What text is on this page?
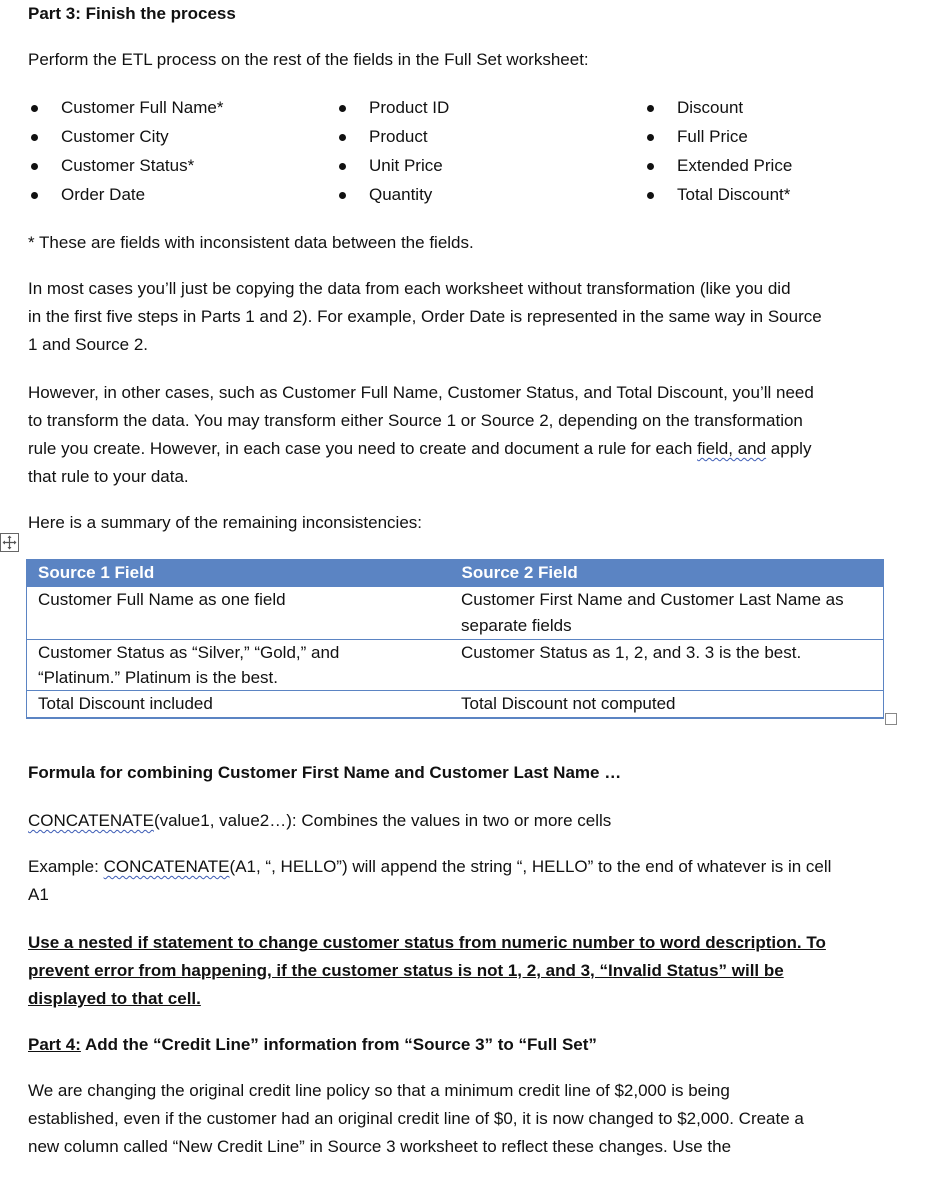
Part 3: Finish the process
Perform the ETL process on the rest of the fields in the Full Set worksheet:
Customer Full Name*
Customer City
Customer Status*
Order Date
Product ID
Product
Unit Price
Quantity
Discount
Full Price
Extended Price
Total Discount*
* These are fields with inconsistent data between the fields.
In most cases you’ll just be copying the data from each worksheet without transformation (like you did
in the first five steps in Parts 1 and 2). For example, Order Date is represented in the same way in Source
1 and Source 2.
However, in other cases, such as Customer Full Name, Customer Status, and Total Discount, you’ll need
to transform the data. You may transform either Source 1 or Source 2, depending on the transformation
rule you create. However, in each case you need to create and document a rule for each field, and apply
that rule to your data.
Here is a summary of the remaining inconsistencies:
Formula for combining Customer First Name and Customer Last Name …
CONCATENATE(value1, value2…): Combines the values in two or more cells
Example: CONCATENATE(A1, “, HELLO”) will append the string “, HELLO” to the end of whatever is in cell
A1
Use a nested if statement to change customer status from numeric number to word description. To
prevent error from happening, if the customer status is not 1, 2, and 3, “Invalid Status” will be
displayed to that cell.
Part 4: Add the “Credit Line” information from “Source 3” to “Full Set”
We are changing the original credit line policy so that a minimum credit line of $2,000 is being
established, even if the customer had an original credit line of $0, it is now changed to $2,000. Create a
new column called “New Credit Line” in Source 3 worksheet to reflect these changes. Use the
Source 1 Field	Source 2 Field

Customer Full Name as one field	Customer First Name and Customer Last Name as
separate fields

Customer Status as “Silver,” “Gold,” and
“Platinum.” Platinum is the best.	Customer Status as 1, 2, and 3. 3 is the best.

Total Discount included	Total Discount not computed
